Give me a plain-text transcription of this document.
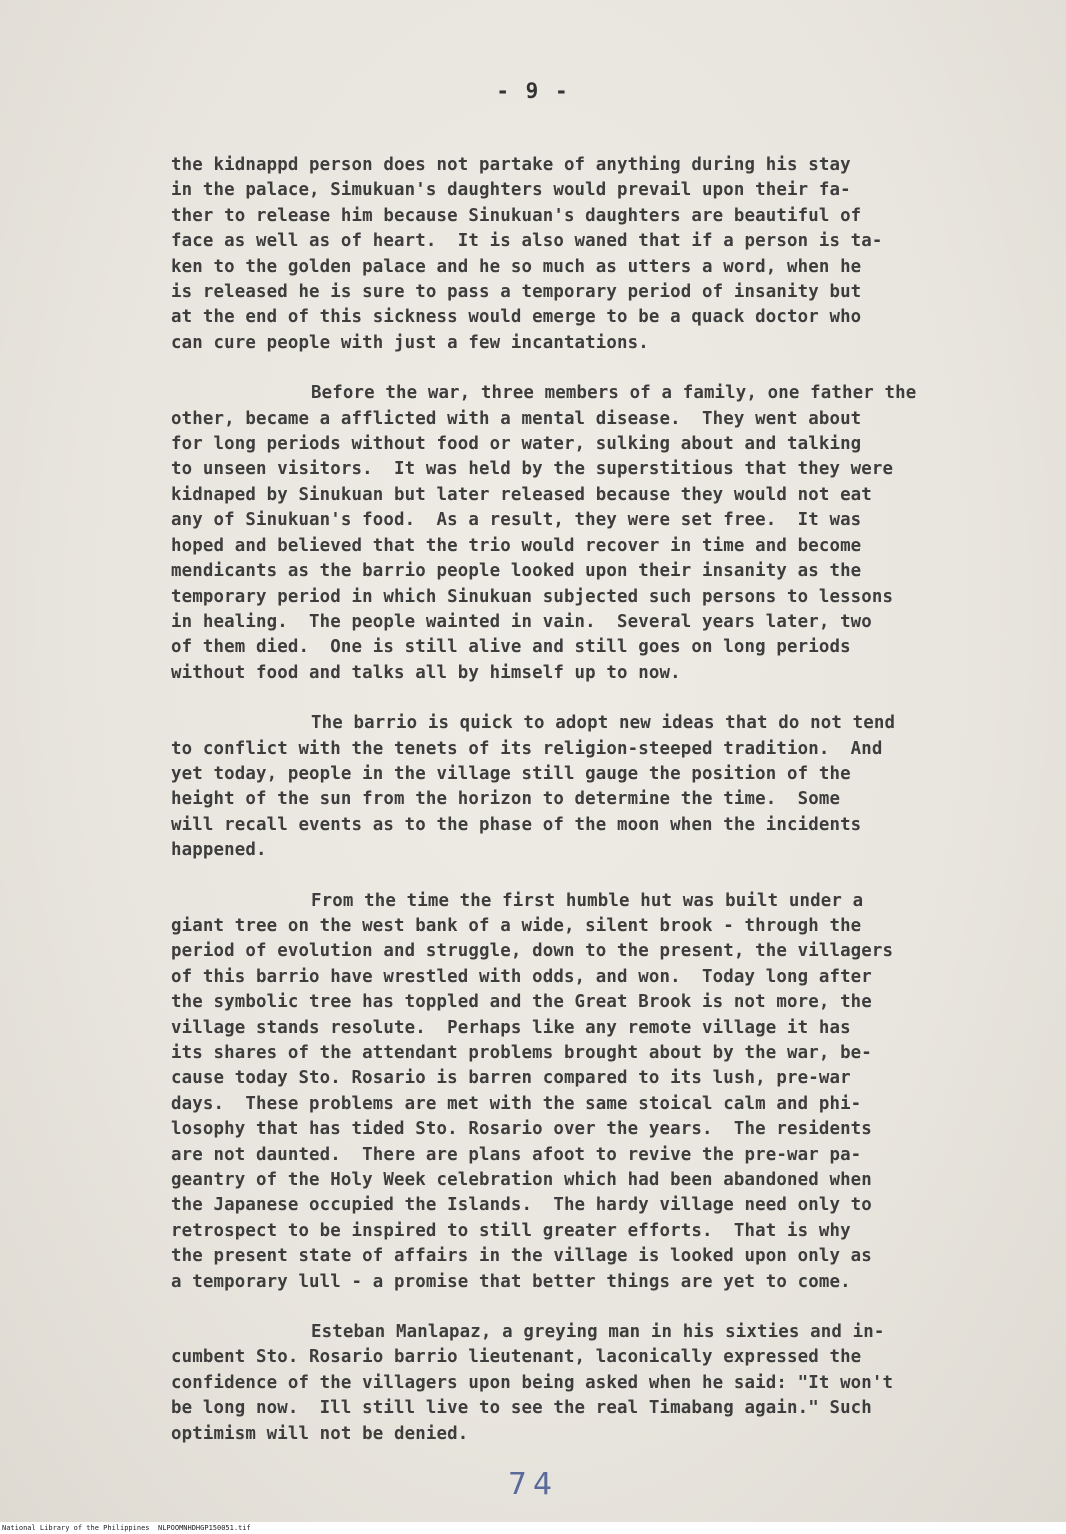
- 9 -
the kidnappd person does not partake of anything during his stay
in the palace, Simukuan's daughters would prevail upon their fa-
ther to release him because Sinukuan's daughters are beautiful of
face as well as of heart.  It is also waned that if a person is ta-
ken to the golden palace and he so much as utters a word, when he
is released he is sure to pass a temporary period of insanity but
at the end of this sickness would emerge to be a quack doctor who
can cure people with just a few incantations.
Before the war, three members of a family, one father the
other, became a afflicted with a mental disease.  They went about
for long periods without food or water, sulking about and talking
to unseen visitors.  It was held by the superstitious that they were
kidnaped by Sinukuan but later released because they would not eat
any of Sinukuan's food.  As a result, they were set free.  It was
hoped and believed that the trio would recover in time and become
mendicants as the barrio people looked upon their insanity as the
temporary period in which Sinukuan subjected such persons to lessons
in healing.  The people wainted in vain.  Several years later, two
of them died.  One is still alive and still goes on long periods
without food and talks all by himself up to now.
The barrio is quick to adopt new ideas that do not tend
to conflict with the tenets of its religion-steeped tradition.  And
yet today, people in the village still gauge the position of the
height of the sun from the horizon to determine the time.  Some
will recall events as to the phase of the moon when the incidents
happened.
From the time the first humble hut was built under a
giant tree on the west bank of a wide, silent brook - through the
period of evolution and struggle, down to the present, the villagers
of this barrio have wrestled with odds, and won.  Today long after
the symbolic tree has toppled and the Great Brook is not more, the
village stands resolute.  Perhaps like any remote village it has
its shares of the attendant problems brought about by the war, be-
cause today Sto. Rosario is barren compared to its lush, pre-war
days.  These problems are met with the same stoical calm and phi-
losophy that has tided Sto. Rosario over the years.  The residents
are not daunted.  There are plans afoot to revive the pre-war pa-
geantry of the Holy Week celebration which had been abandoned when
the Japanese occupied the Islands.  The hardy village need only to
retrospect to be inspired to still greater efforts.  That is why
the present state of affairs in the village is looked upon only as
a temporary lull - a promise that better things are yet to come.
Esteban Manlapaz, a greying man in his sixties and in-
cumbent Sto. Rosario barrio lieutenant, laconically expressed the
confidence of the villagers upon being asked when he said: "It won't
be long now.  Ill still live to see the real Timabang again." Such
optimism will not be denied.
74
National Library of the Philippines NLPOOMNHDHGP150051.tif
